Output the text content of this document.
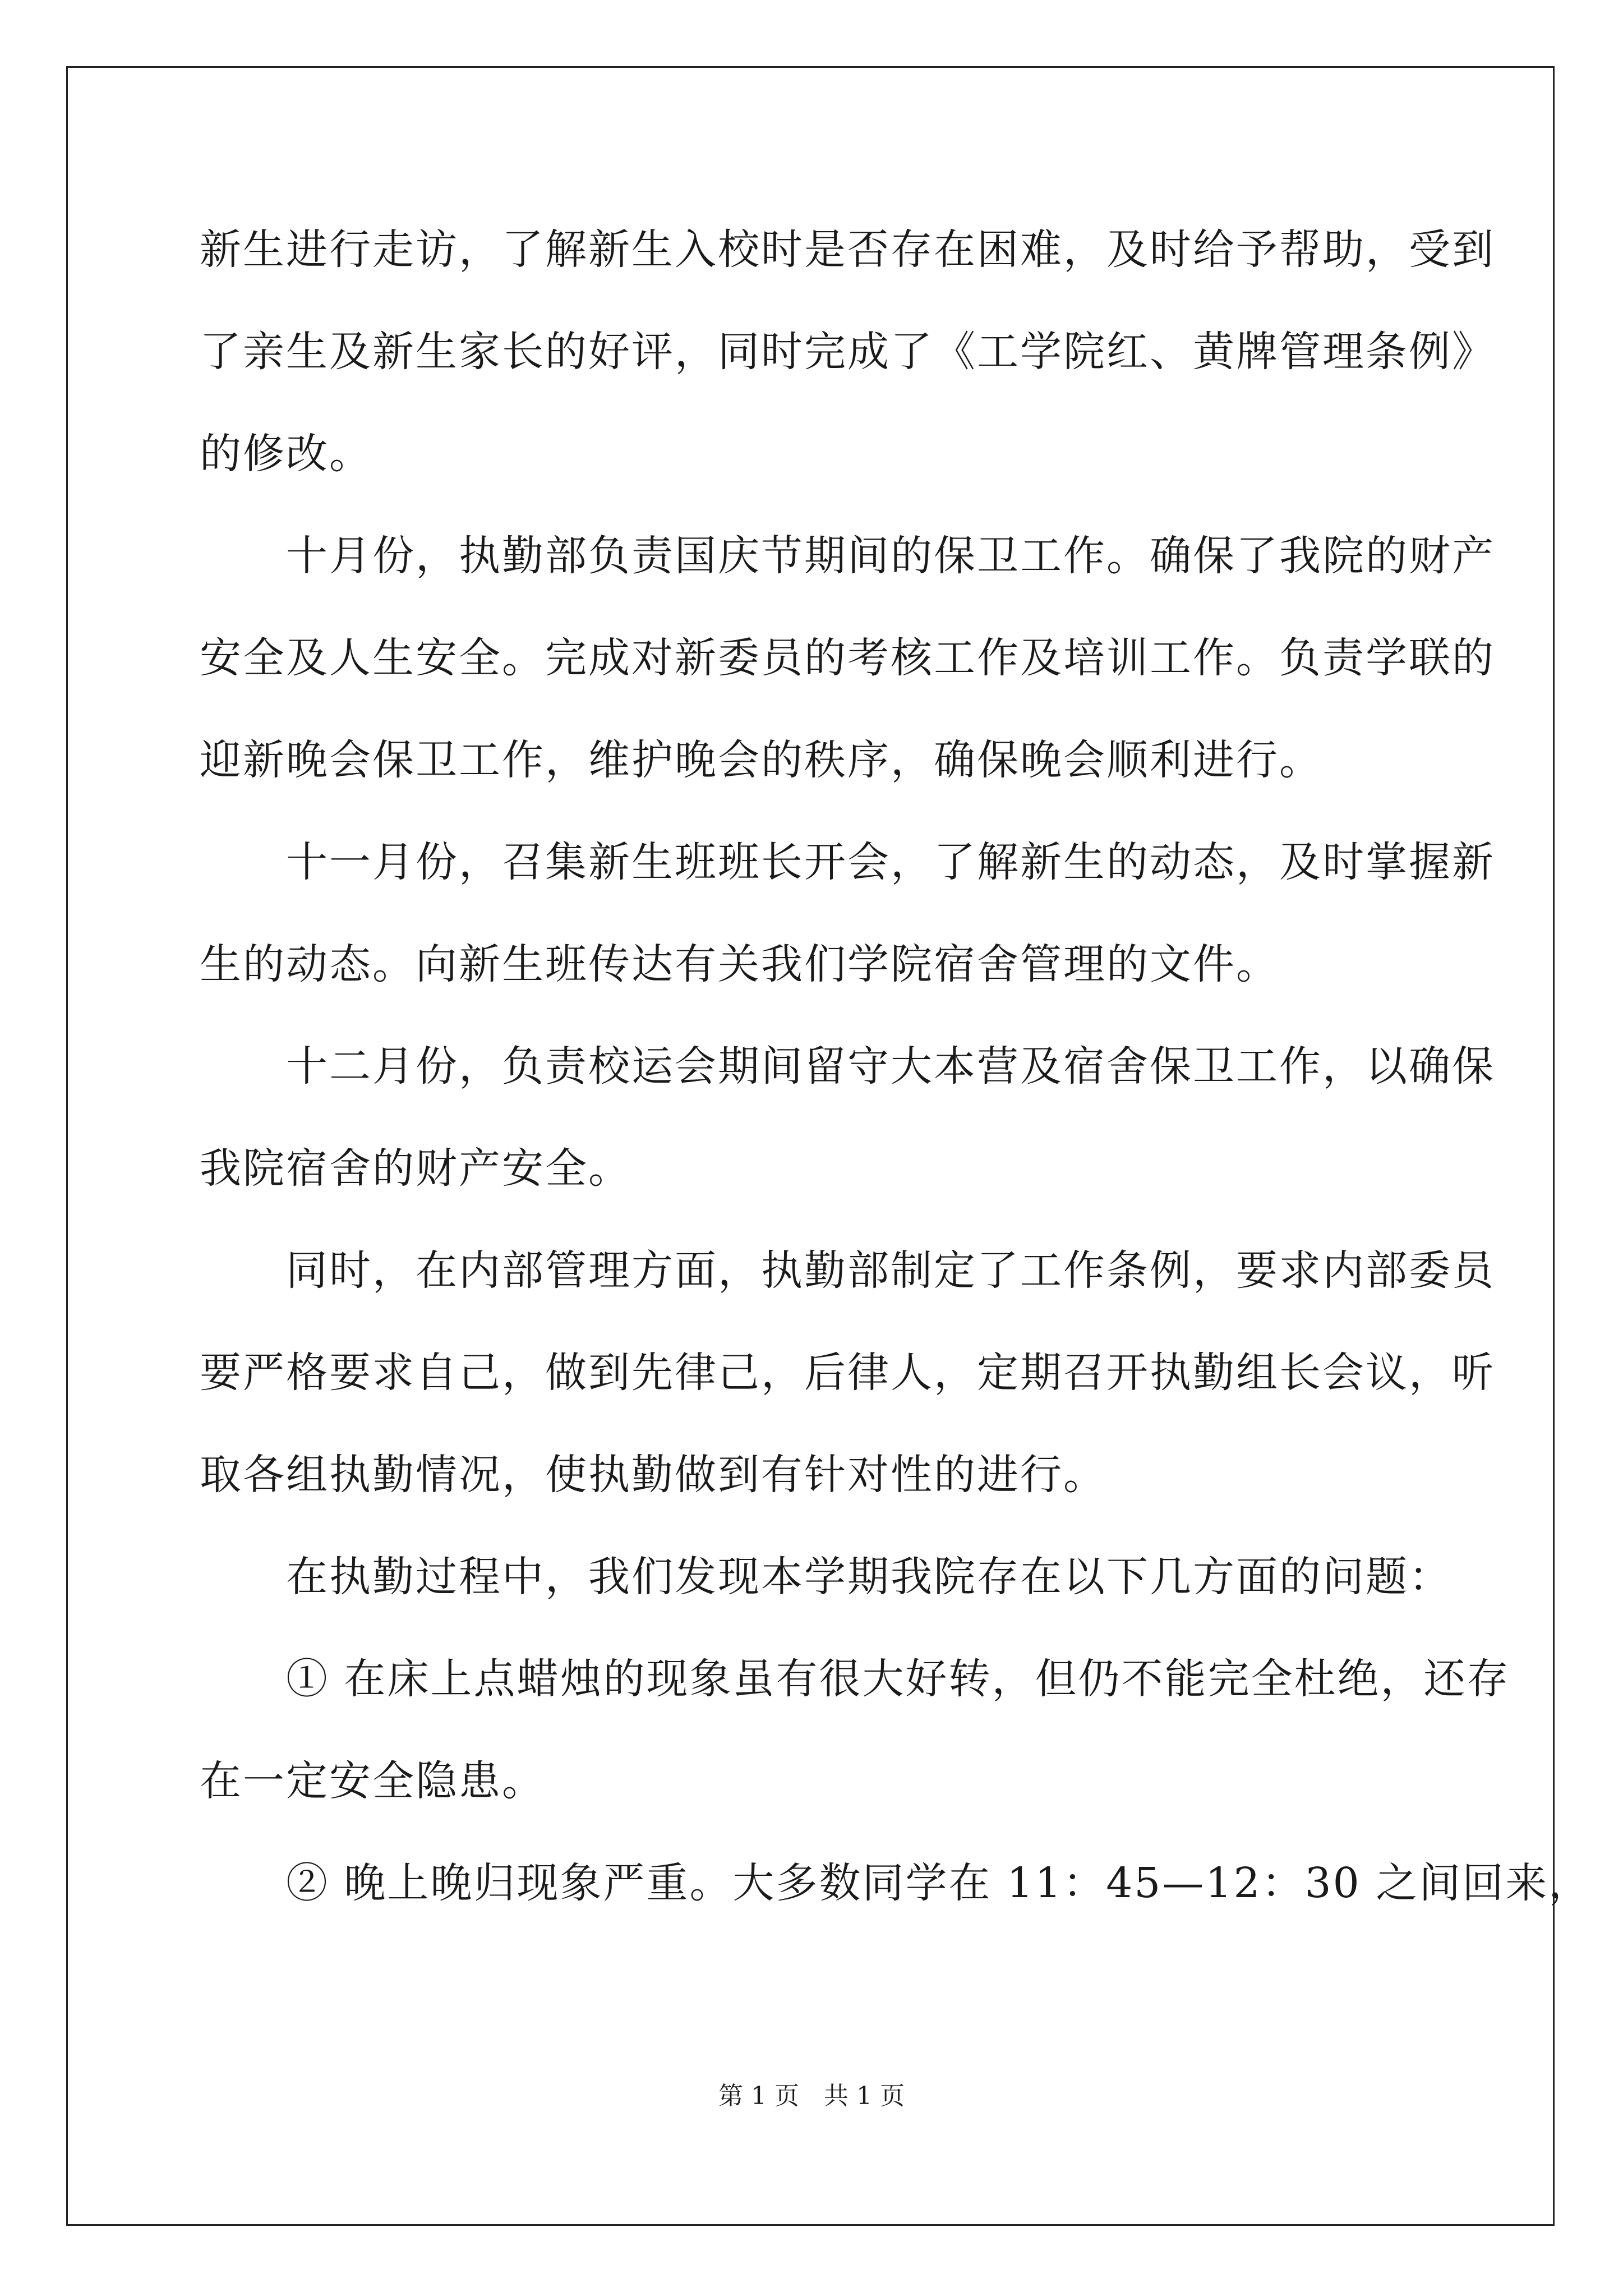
新生进行走访，了解新生入校时是否存在困难，及时给予帮助，受到
了亲生及新生家长的好评，同时完成了《工学院红、黄牌管理条例》
的修改。
　　十月份，执勤部负责国庆节期间的保卫工作。确保了我院的财产
安全及人生安全。完成对新委员的考核工作及培训工作。负责学联的
迎新晚会保卫工作，维护晚会的秩序，确保晚会顺利进行。
　　十一月份，召集新生班班长开会，了解新生的动态，及时掌握新
生的动态。向新生班传达有关我们学院宿舍管理的文件。
　　十二月份，负责校运会期间留守大本营及宿舍保卫工作，以确保
我院宿舍的财产安全。
　　同时，在内部管理方面，执勤部制定了工作条例，要求内部委员
要严格要求自己，做到先律己，后律人，定期召开执勤组长会议，听
取各组执勤情况，使执勤做到有针对性的进行。
　　在执勤过程中，我们发现本学期我院存在以下几方面的问题：
　　① 在床上点蜡烛的现象虽有很大好转，但仍不能完全杜绝，还存
在一定安全隐患。
　　② 晚上晚归现象严重。大多数同学在 11：45—12：30 之间回来，
第 1 页　共 1 页
